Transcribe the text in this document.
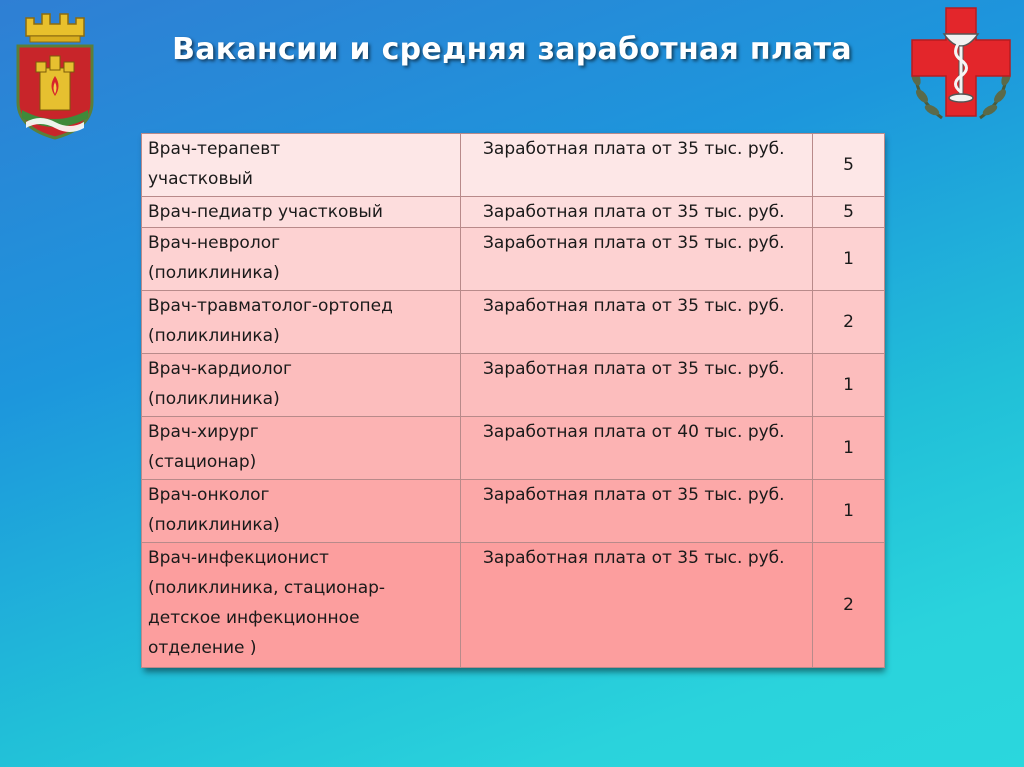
Вакансии и средняя заработная плата
Врач-терапевт
участковый	Заработная плата от 35 тыс. руб.	5

Врач-педиатр участковый	Заработная плата от 35 тыс. руб.	5

Врач-невролог
(поликлиника)	Заработная плата от 35 тыс. руб.	1

Врач-травматолог-ортопед
(поликлиника)	Заработная плата от 35 тыс. руб.	2

Врач-кардиолог
(поликлиника)	Заработная плата от 35 тыс. руб.	1

Врач-хирург
(стационар)	Заработная плата от 40 тыс. руб.	1

Врач-онколог
(поликлиника)	Заработная плата от 35 тыс. руб.	1

Врач-инфекционист
(поликлиника, стационар-
детское инфекционное
отделение )	Заработная плата от 35 тыс. руб.	2
